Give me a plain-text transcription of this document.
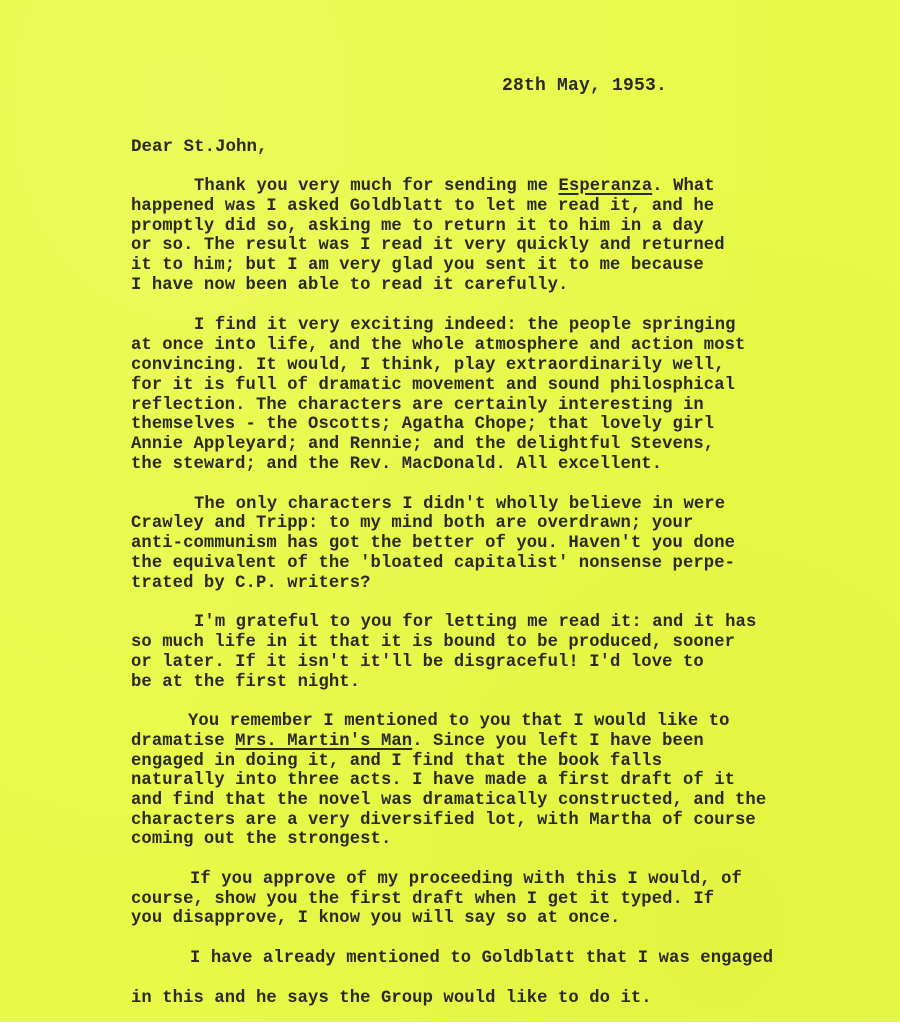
28th May, 1953.
Dear St.John,
Thank you very much for sending me Esperanza. What
happened was I asked Goldblatt to let me read it, and he
promptly did so, asking me to return it to him in a day
or so. The result was I read it very quickly and returned
it to him; but I am very glad you sent it to me because
I have now been able to read it carefully.
I find it very exciting indeed: the people springing
at once into life, and the whole atmosphere and action most
convincing. It would, I think, play extraordinarily well,
for it is full of dramatic movement and sound philosphical
reflection. The characters are certainly interesting in
themselves - the Oscotts; Agatha Chope; that lovely girl
Annie Appleyard; and Rennie; and the delightful Stevens,
the steward; and the Rev. MacDonald. All excellent.
The only characters I didn't wholly believe in were
Crawley and Tripp: to my mind both are overdrawn; your
anti-communism has got the better of you. Haven't you done
the equivalent of the 'bloated capitalist' nonsense perpe-
trated by C.P. writers?
I'm grateful to you for letting me read it: and it has
so much life in it that it is bound to be produced, sooner
or later. If it isn't it'll be disgraceful! I'd love to
be at the first night.
You remember I mentioned to you that I would like to
dramatise Mrs. Martin's Man. Since you left I have been
engaged in doing it, and I find that the book falls
naturally into three acts. I have made a first draft of it
and find that the novel was dramatically constructed, and the
characters are a very diversified lot, with Martha of course
coming out the strongest.
If you approve of my proceeding with this I would, of
course, show you the first draft when I get it typed. If
you disapprove, I know you will say so at once.
I have already mentioned to Goldblatt that I was engaged
in this and he says the Group would like to do it.
